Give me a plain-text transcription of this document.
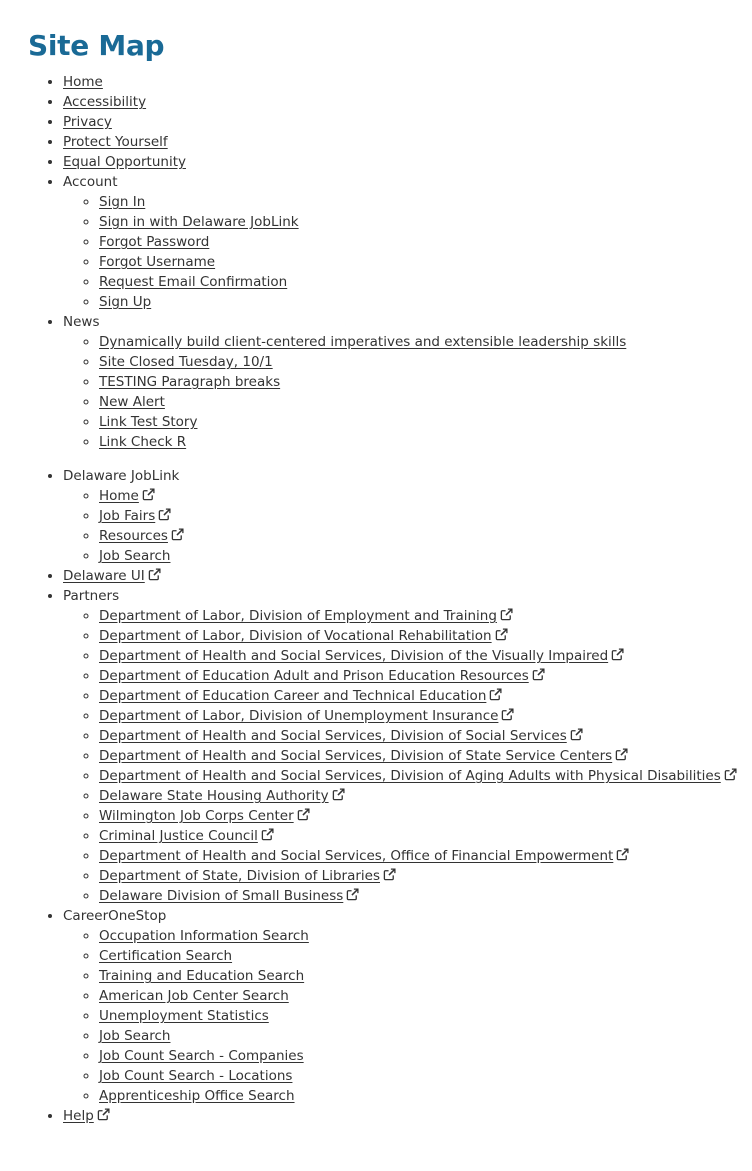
Site Map
• Home
• Accessibility
• Privacy
• Protect Yourself
• Equal Opportunity
• Account
◦ Sign In
◦ Sign in with Delaware JobLink
◦ Forgot Password
◦ Forgot Username
◦ Request Email Confirmation
◦ Sign Up
• News
◦ Dynamically build client-centered imperatives and extensible leadership skills
◦ Site Closed Tuesday, 10/1
◦ TESTING Paragraph breaks
◦ New Alert
◦ Link Test Story
◦ Link Check R
• Delaware JobLink
◦ Home
◦ Job Fairs
◦ Resources
◦ Job Search
• Delaware UI
• Partners
◦ Department of Labor, Division of Employment and Training
◦ Department of Labor, Division of Vocational Rehabilitation
◦ Department of Health and Social Services, Division of the Visually Impaired
◦ Department of Education Adult and Prison Education Resources
◦ Department of Education Career and Technical Education
◦ Department of Labor, Division of Unemployment Insurance
◦ Department of Health and Social Services, Division of Social Services
◦ Department of Health and Social Services, Division of State Service Centers
◦ Department of Health and Social Services, Division of Aging Adults with Physical Disabilities
◦ Delaware State Housing Authority
◦ Wilmington Job Corps Center
◦ Criminal Justice Council
◦ Department of Health and Social Services, Office of Financial Empowerment
◦ Department of State, Division of Libraries
◦ Delaware Division of Small Business
• CareerOneStop
◦ Occupation Information Search
◦ Certification Search
◦ Training and Education Search
◦ American Job Center Search
◦ Unemployment Statistics
◦ Job Search
◦ Job Count Search - Companies
◦ Job Count Search - Locations
◦ Apprenticeship Office Search
• Help
